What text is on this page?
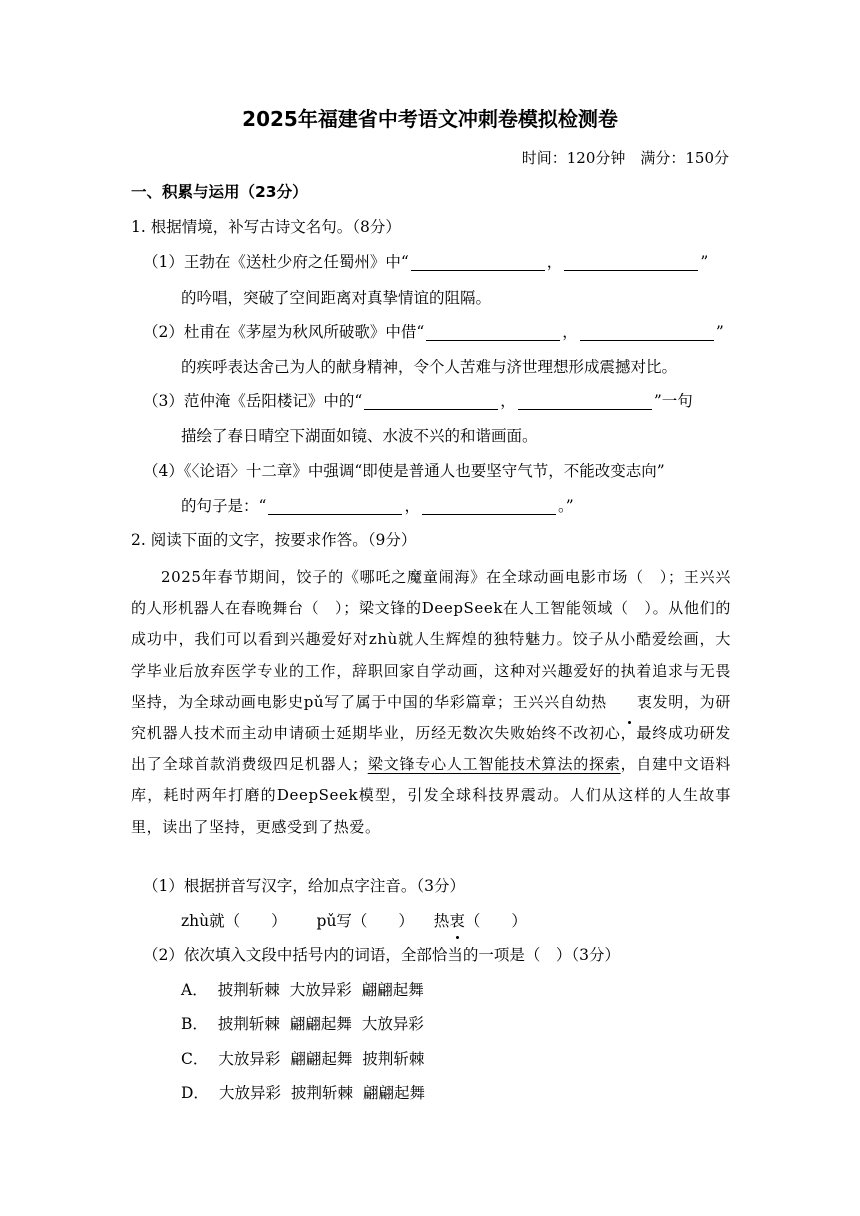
2025年福建省中考语文冲刺卷模拟检测卷
时间：120分钟　满分：150分
一、积累与运用（23分）
1. 根据情境，补写古诗文名句。（8分）
（1）王勃在《送杜少府之任蜀州》中“	，	”
的吟唱，突破了空间距离对真挚情谊的阻隔。
（2）杜甫在《茅屋为秋风所破歌》中借“	，	”
的疾呼表达舍己为人的献身精神，令个人苦难与济世理想形成震撼对比。
（3）范仲淹《岳阳楼记》中的“	，	”一句
描绘了春日晴空下湖面如镜、水波不兴的和谐画面。
（4）《〈论语〉十二章》中强调“即使是普通人也要坚守气节，不能改变志向”
的句子是：“	，	。”
2. 阅读下面的文字，按要求作答。（9分）
2025年春节期间，饺子的《哪吒之魔童闹海》在全球动画电影市场（　）；王兴兴的人形机器人在春晚舞台（　）；梁文锋的DeepSeek在人工智能领域（　）。从他们的成功中，我们可以看到兴趣爱好对zhù就人生辉煌的独特魅力。饺子从小酷爱绘画，大学毕业后放弃医学专业的工作，辞职回家自学动画，这种对兴趣爱好的执着追求与无畏坚持，为全球动画电影史pǔ写了属于中国的华彩篇章；王兴兴自幼热 衷发明，为研究机器人技术而主动申请硕士延期毕业，历经无数次失败始终不改初心，最终成功研发出了全球首款消费级四足机器人；梁文锋专心人工智能技术算法的探索，自建中文语料库，耗时两年打磨的DeepSeek模型，引发全球科技界震动。人们从这样的人生故事里，读出了坚持，更感受到了热爱。
（1）根据拼音写汉字，给加点字注音。（3分）
zhù就（　　） pǔ写（　　） 热衷（　　）
（2）依次填入文段中括号内的词语，全部恰当的一项是（　）（3分）
A． 披荆斩棘 大放异彩 翩翩起舞
B． 披荆斩棘 翩翩起舞 大放异彩
C． 大放异彩 翩翩起舞 披荆斩棘
D． 大放异彩 披荆斩棘 翩翩起舞
